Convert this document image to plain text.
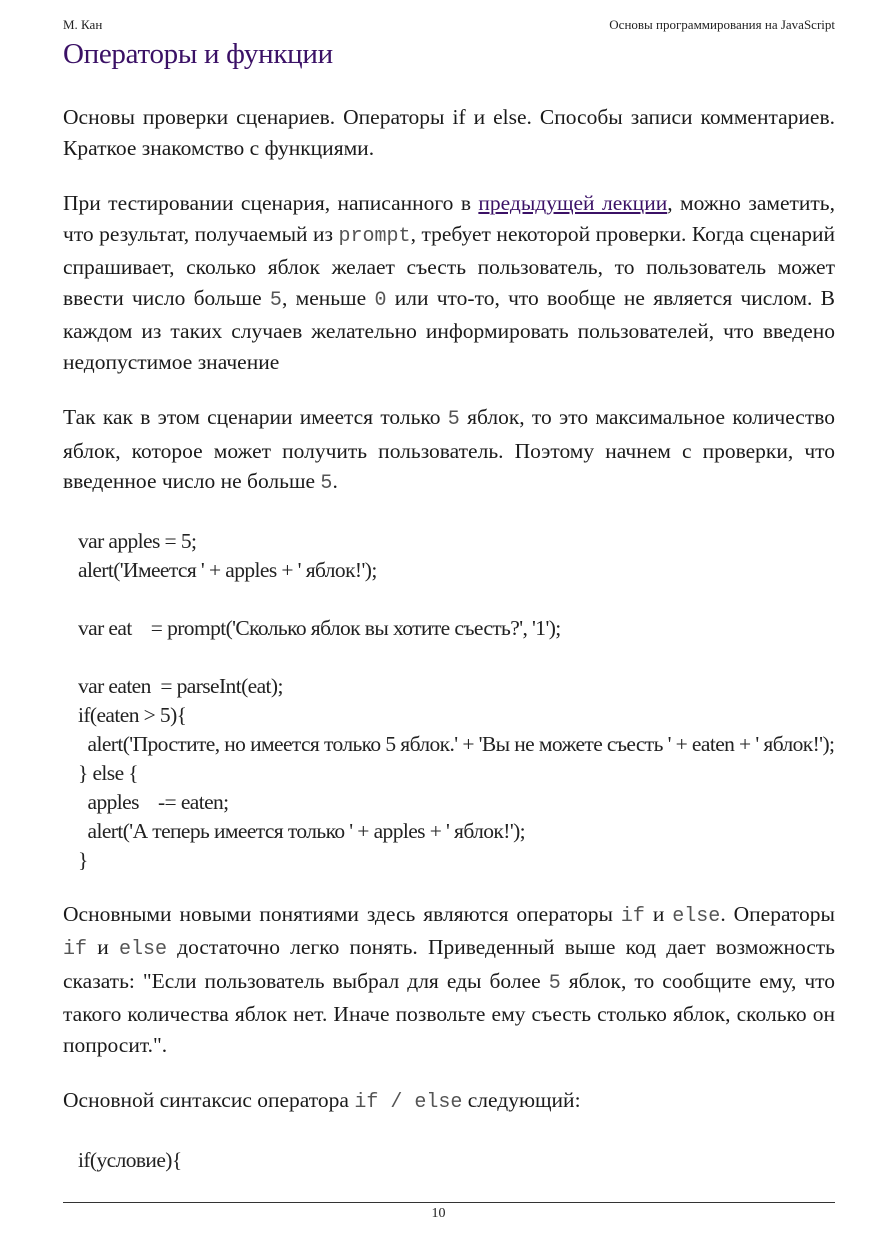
М. Кан	Основы программирования на JavaScript
Операторы и функции

Основы проверки сценариев. Операторы if и else. Способы записи комментариев. Краткое знакомство с функциями.

При тестировании сценария, написанного в предыдущей лекции, можно заметить, что результат, получаемый из prompt, требует некоторой проверки. Когда сценарий спрашивает, сколько яблок желает съесть пользователь, то пользователь может ввести число больше 5, меньше 0 или что-то, что вообще не является числом. В каждом из таких случаев желательно информировать пользователей, что введено недопустимое значение

Так как в этом сценарии имеется только 5 яблок, то это максимальное количество яблок, которое может получить пользователь. Поэтому начнем с проверки, что введенное число не больше 5.

var apples = 5;
alert('Имеется ' + apples + ' яблок!');

var eat    = prompt('Сколько яблок вы хотите съесть?', '1');

var eaten  = parseInt(eat);
if(eaten > 5){
alert('Простите, но имеется только 5 яблок.' + 'Вы не можете съесть ' + eaten + ' яблок!');
} else {
apples    -= eaten;
alert('А теперь имеется только ' + apples + ' яблок!');
}

Основными новыми понятиями здесь являются операторы if и else. Операторы if и else достаточно легко понять. Приведенный выше код дает возможность сказать: "Если пользователь выбрал для еды более 5 яблок, то сообщите ему, что такого количества яблок нет. Иначе позвольте ему съесть столько яблок, сколько он попросит.".

Основной синтаксис оператора if / else следующий:

if(условие){
10
